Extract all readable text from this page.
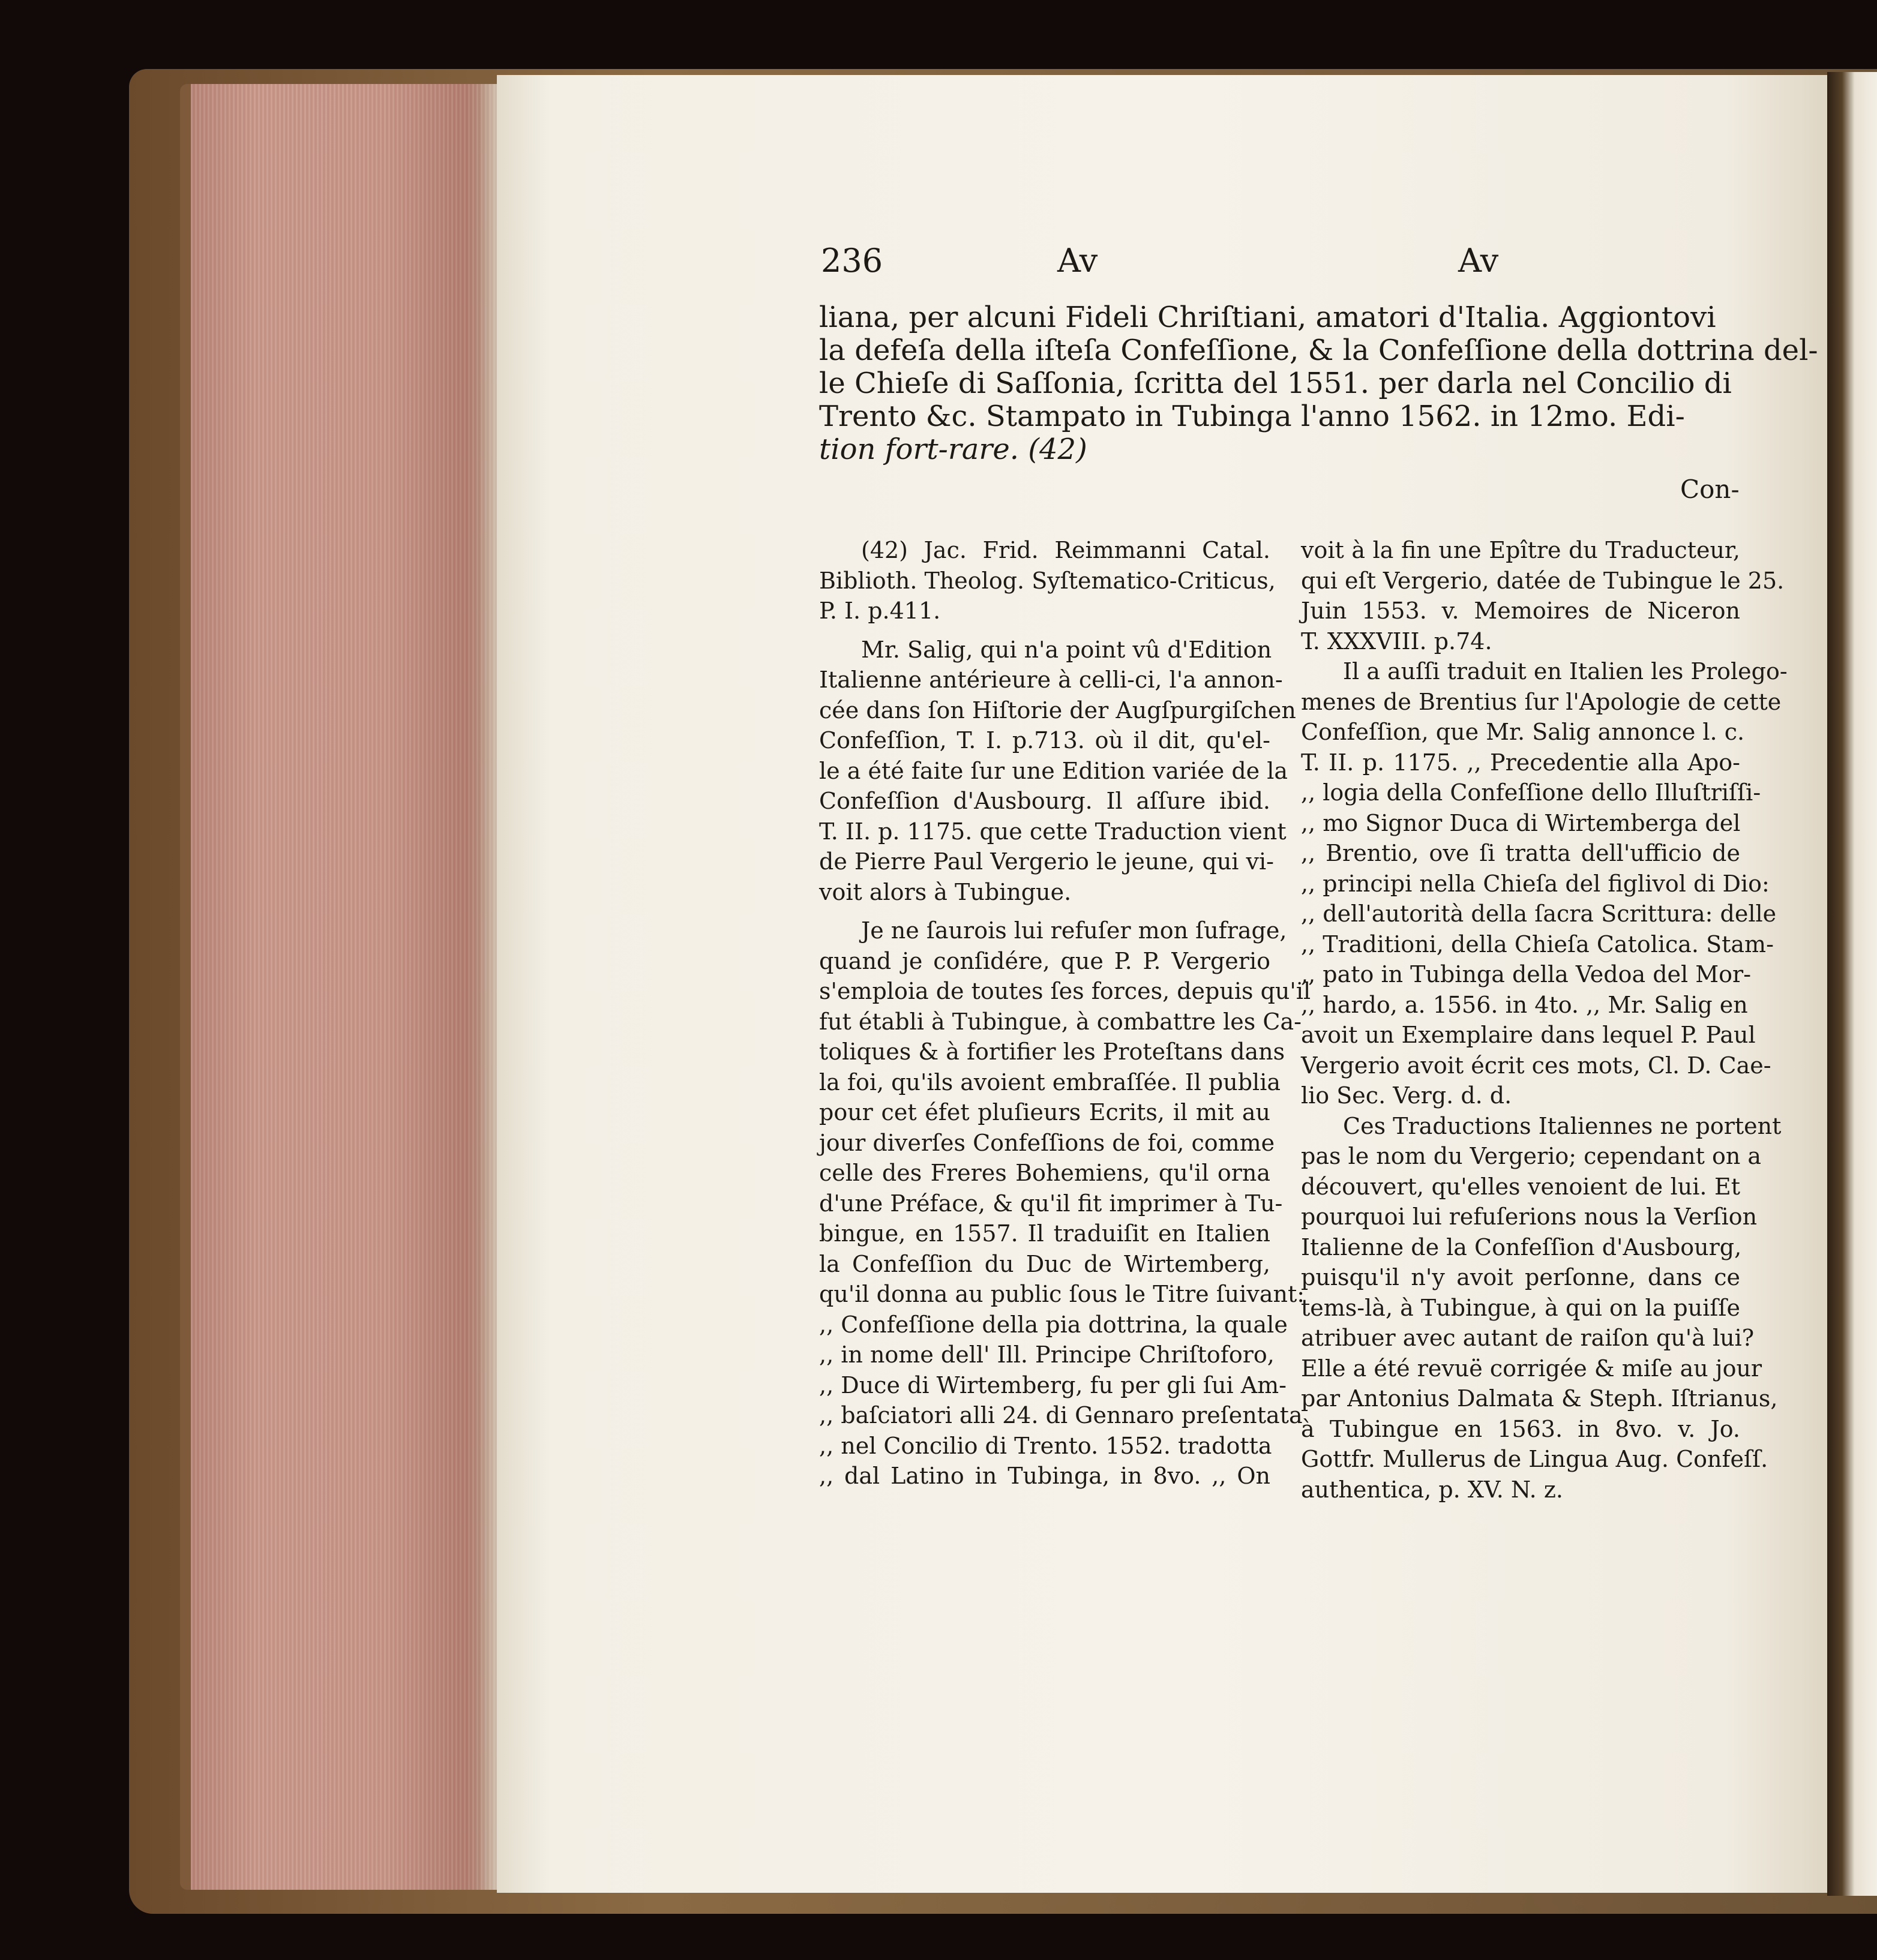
236	Av	Av
liana, per alcuni Fideli Chriſtiani, amatori d'Italia. Aggiontovi
la defeſa della iſteſa Confeſſione, & la Confeſſione della dottrina del-
le Chieſe di Saſſonia, ſcritta del 1551. per darla nel Concilio di
Trento &c. Stampato in Tubinga l'anno 1562. in 12mo. Edi-
tion fort-rare. (42)
Con-
(42) Jac. Frid. Reimmanni Catal.
Biblioth. Theolog. Syſtematico-Criticus,
P. I. p.411.
Mr. Salig, qui n'a point vû d'Edition
Italienne antérieure à celli-ci, l'a annon-
cée dans ſon Hiſtorie der Augſpurgiſchen
Confeſſion, T. I. p.713. où il dit, qu'el-
le a été faite ſur une Edition variée de la
Confeſſion d'Ausbourg. Il aſſure ibid.
T. II. p. 1175. que cette Traduction vient
de Pierre Paul Vergerio le jeune, qui vi-
voit alors à Tubingue.
Je ne ſaurois lui refuſer mon ſufrage,
quand je conſidére, que P. P. Vergerio
s'emploia de toutes ſes forces, depuis qu'il
fut établi à Tubingue, à combattre les Ca-
toliques & à fortifier les Proteſtans dans
la foi, qu'ils avoient embraſſée. Il publia
pour cet éfet pluſieurs Ecrits, il mit au
jour diverſes Confeſſions de foi, comme
celle des Freres Bohemiens, qu'il orna
d'une Préface, & qu'il fit imprimer à Tu-
bingue, en 1557. Il traduiſit en Italien
la Confeſſion du Duc de Wirtemberg,
qu'il donna au public ſous le Titre ſuivant:
,, Confeſſione della pia dottrina, la quale
,, in nome dell' Ill. Principe Chriſtoforo,
,, Duce di Wirtemberg, fu per gli ſui Am-
,, baſciatori alli 24. di Gennaro preſentata
,, nel Concilio di Trento. 1552. tradotta
,, dal Latino in Tubinga, in 8vo. ,, On
voit à la fin une Epître du Traducteur,
qui eſt Vergerio, datée de Tubingue le 25.
Juin 1553. v. Memoires de Niceron
T. XXXVIII. p.74.
Il a auſſi traduit en Italien les Prolego-
menes de Brentius ſur l'Apologie de cette
Confeſſion, que Mr. Salig annonce l. c.
T. II. p. 1175. ,, Precedentie alla Apo-
,, logia della Confeſſione dello Illuſtriſſi-
,, mo Signor Duca di Wirtemberga del
,, Brentio, ove ſi tratta dell'ufficio de
,, principi nella Chieſa del figlivol di Dio:
,, dell'autorità della ſacra Scrittura: delle
,, Traditioni, della Chieſa Catolica. Stam-
,, pato in Tubinga della Vedoa del Mor-
,, hardo, a. 1556. in 4to. ,, Mr. Salig en
avoit un Exemplaire dans lequel P. Paul
Vergerio avoit écrit ces mots, Cl. D. Cae-
lio Sec. Verg. d. d.
Ces Traductions Italiennes ne portent
pas le nom du Vergerio; cependant on a
découvert, qu'elles venoient de lui. Et
pourquoi lui refuſerions nous la Verſion
Italienne de la Confeſſion d'Ausbourg,
puisqu'il n'y avoit perſonne, dans ce
tems-là, à Tubingue, à qui on la puiſſe
atribuer avec autant de raiſon qu'à lui?
Elle a été revuë corrigée & miſe au jour
par Antonius Dalmata & Steph. Iſtrianus,
à Tubingue en 1563. in 8vo. v. Jo.
Gottfr. Mullerus de Lingua Aug. Confeſſ.
authentica, p. XV. N. z.
